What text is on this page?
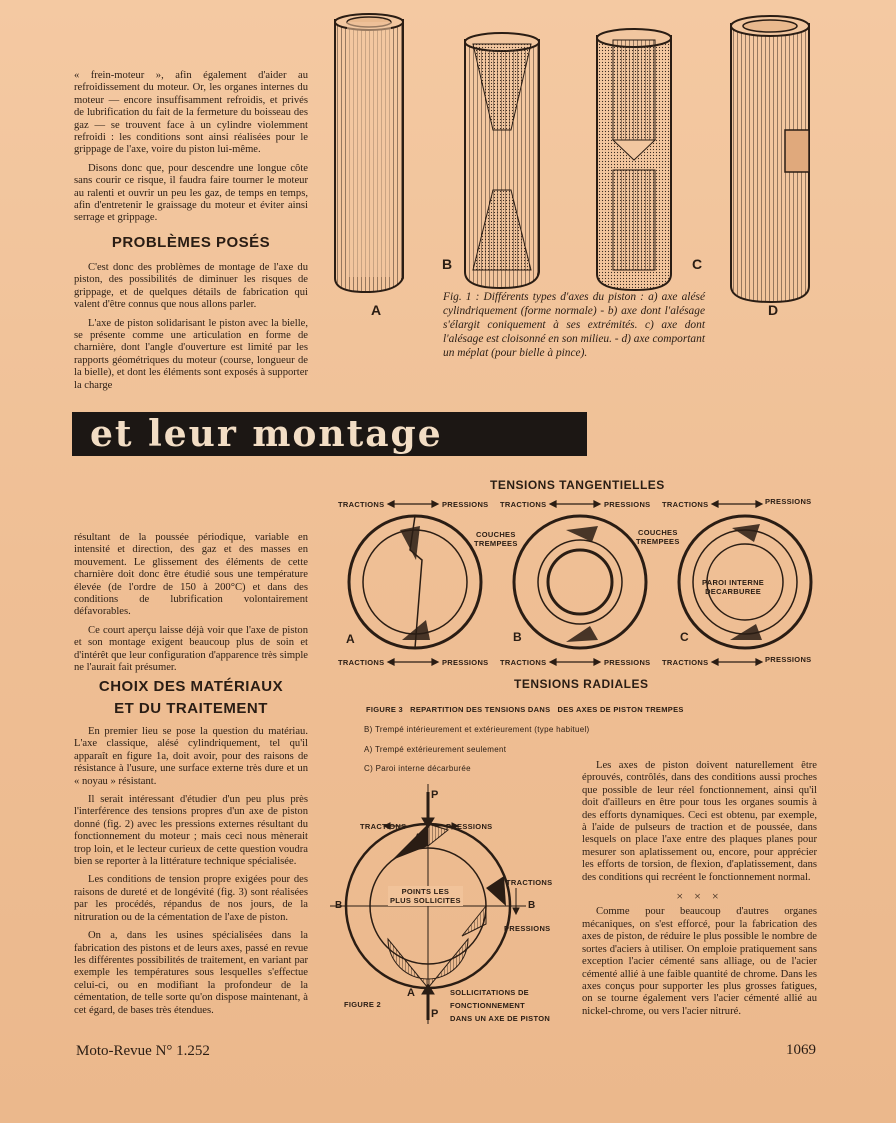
« frein-moteur », afin également d'aider au refroidissement du moteur. Or, les organes internes du moteur — encore insuffisamment refroidis, et privés de lubrification du fait de la fermeture du boisseau des gaz — se trouvent face à un cylindre violemment refroidi : les conditions sont ainsi réalisées pour le grippage de l'axe, voire du piston lui-même.

Disons donc que, pour descendre une longue côte sans courir ce risque, il faudra faire tourner le moteur au ralenti et ouvrir un peu les gaz, de temps en temps, afin d'entretenir le graissage du moteur et éviter ainsi serrage et grippage.

PROBLÈMES POSÉS

C'est donc des problèmes de montage de l'axe du piston, des possibilités de diminuer les risques de grippage, et de quelques détails de fabrication qui valent d'être connus que nous allons parler.

L'axe de piston solidarisant le piston avec la bielle, se présente comme une articulation en forme de charnière, dont l'angle d'ouverture est limité par les rapports géométriques du moteur (course, longueur de la bielle), et dont les éléments sont exposés à supporter la charge

A
B	C
D
Fig. 1 : Différents types d'axes du piston : a) axe alésé cylindriquement (forme normale) - b) axe dont l'alésage s'élargit coniquement à ses extrémités. c) axe dont l'alésage est cloisonné en son milieu. - d) axe comportant un méplat (pour bielle à pince).
et leur montage

résultant de la poussée périodique, variable en intensité et direction, des gaz et des masses en mouvement. Le glissement des éléments de cette charnière doit donc être étudié sous une température élevée (de l'ordre de 150 à 200°C) et dans des conditions de lubrification volontairement défavorables.

Ce court aperçu laisse déjà voir que l'axe de piston et son montage exigent beaucoup plus de soin et d'intérêt que leur configuration d'apparence très simple ne l'aurait fait présumer.

CHOIX DES MATÉRIAUX
ET DU TRAITEMENT

En premier lieu se pose la question du matériau. L'axe classique, alésé cylindriquement, tel qu'il apparaît en figure 1a, doit avoir, pour des raisons de résistance à l'usure, une surface externe très dure et un « noyau » résistant.

Il serait intéressant d'étudier d'un peu plus près l'interférence des tensions propres d'un axe de piston donné (fig. 2) avec les pressions externes résultant du fonctionnement du moteur ; mais ceci nous mènerait trop loin, et le lecteur curieux de cette question voudra bien se reporter à la littérature technique spécialisée.

Les conditions de tension propre exigées pour des raisons de dureté et de longévité (fig. 3) sont réalisées par les procédés, répandus de nos jours, de la nitruration ou de la cémentation de l'axe de piston.

On a, dans les usines spécialisées dans la fabrication des pistons et de leurs axes, passé en revue les différentes possibilités de traitement, en variant par exemple les températures sous lesquelles s'effectue celui-ci, ou en modifiant la profondeur de la cémentation, de telle sorte qu'on dispose maintenant, à cet égard, de bases très étendues.

TENSIONS TANGENTIELLES
TENSIONS RADIALES
TRACTIONS	PRESSIONS TRACTIONS	PRESSIONS TRACTIONS	PRESSIONS
TRACTIONS	PRESSIONS TRACTIONS	PRESSIONS TRACTIONS	PRESSIONS
COUCHES
TREMPEES
COUCHES
TREMPEES
PAROI INTERNE
DECARBUREE
A	B	C
FIGURE 3   REPARTITION DES TENSIONS DANS   DES AXES DE PISTON TREMPES
B) Trempé intérieurement et extérieurement (type habituel)
A) Trempé extérieurement seulement
C) Paroi interne décarburée
P
P
A
A
B	B
TRACTIONS	PRESSIONS
TRACTIONS
PRESSIONS
POINTS LES
PLUS SOLLICITES
FIGURE 2
SOLLICITATIONS DE
FONCTIONNEMENT
DANS UN AXE DE PISTON

Les axes de piston doivent naturellement être éprouvés, contrôlés, dans des conditions aussi proches que possible de leur réel fonctionnement, ainsi qu'il doit d'ailleurs en être pour tous les organes soumis à des efforts dynamiques. Ceci est obtenu, par exemple, à l'aide de pulseurs de traction et de poussée, dans lesquels on place l'axe entre des plaques planes pour mesurer son aplatissement ou, encore, pour apprécier les efforts de torsion, de flexion, d'aplatissement, dans des conditions qui recréent le fonctionnement normal.

× × ×

Comme pour beaucoup d'autres organes mécaniques, on s'est efforcé, pour la fabrication des axes de piston, de réduire le plus possible le nombre de sortes d'aciers à utiliser. On emploie pratiquement sans exception l'acier cémenté sans alliage, ou de l'acier cémenté allié à une faible quantité de chrome. Dans les axes conçus pour supporter les plus grosses fatigues, on se tourne également vers l'acier cémenté allié au nickel-chrome, ou vers l'acier nitruré.

Moto-Revue N° 1.252	1069
